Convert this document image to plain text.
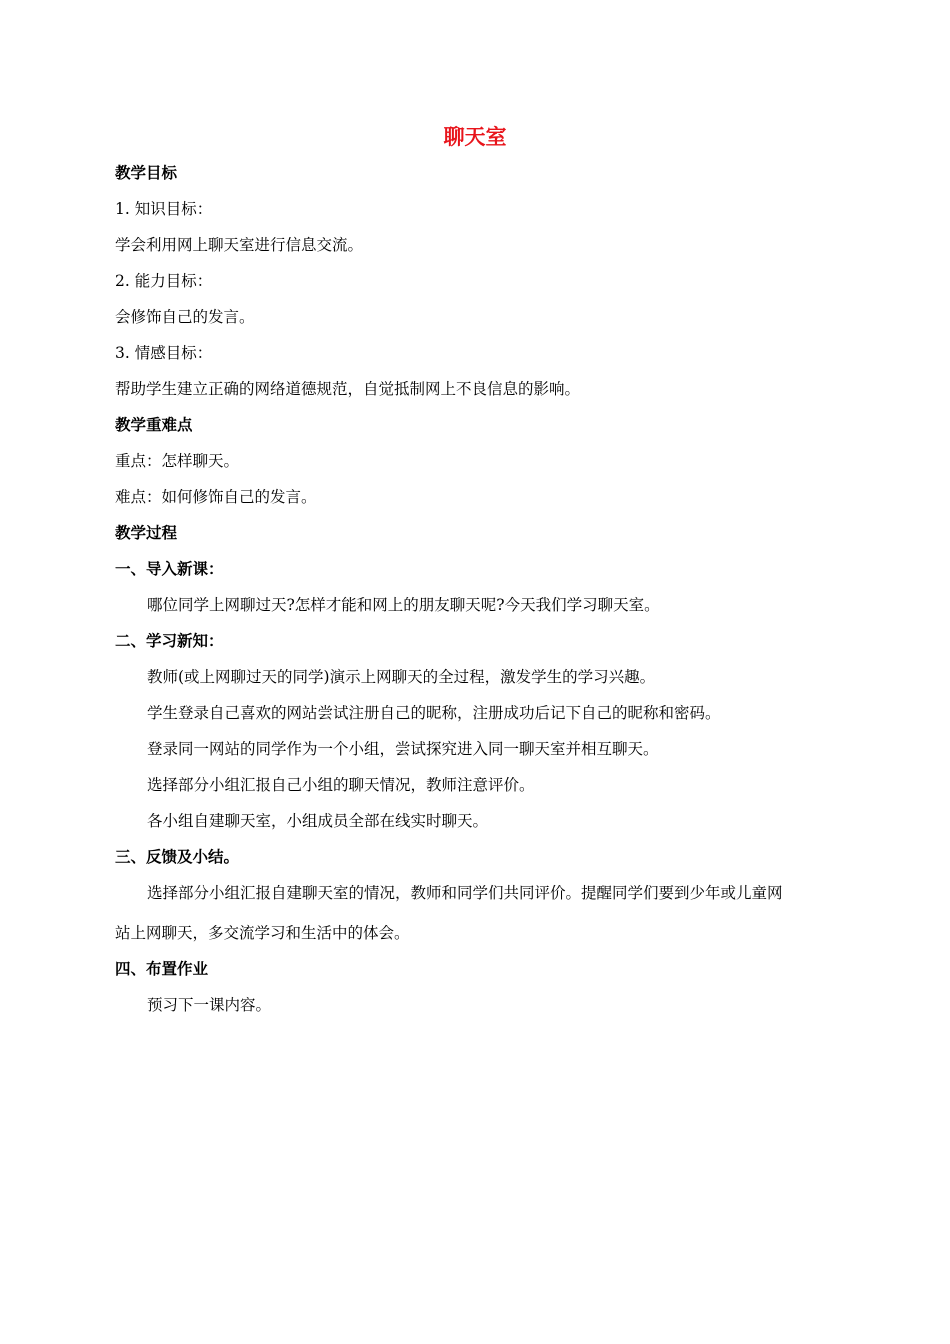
聊天室
教学目标
1. 知识目标：
学会利用网上聊天室进行信息交流。
2. 能力目标：
会修饰自己的发言。
3. 情感目标：
帮助学生建立正确的网络道德规范，自觉抵制网上不良信息的影响。
教学重难点
重点：怎样聊天。
难点：如何修饰自己的发言。
教学过程
一、导入新课：
哪位同学上网聊过天?怎样才能和网上的朋友聊天呢?今天我们学习聊天室。
二、学习新知：
教师(或上网聊过天的同学)演示上网聊天的全过程，激发学生的学习兴趣。
学生登录自己喜欢的网站尝试注册自己的昵称，注册成功后记下自己的昵称和密码。
登录同一网站的同学作为一个小组，尝试探究进入同一聊天室并相互聊天。
选择部分小组汇报自己小组的聊天情况，教师注意评价。
各小组自建聊天室，小组成员全部在线实时聊天。
三、反馈及小结。
选择部分小组汇报自建聊天室的情况，教师和同学们共同评价。提醒同学们要到少年或儿童网
站上网聊天，多交流学习和生活中的体会。
四、布置作业
预习下一课内容。
